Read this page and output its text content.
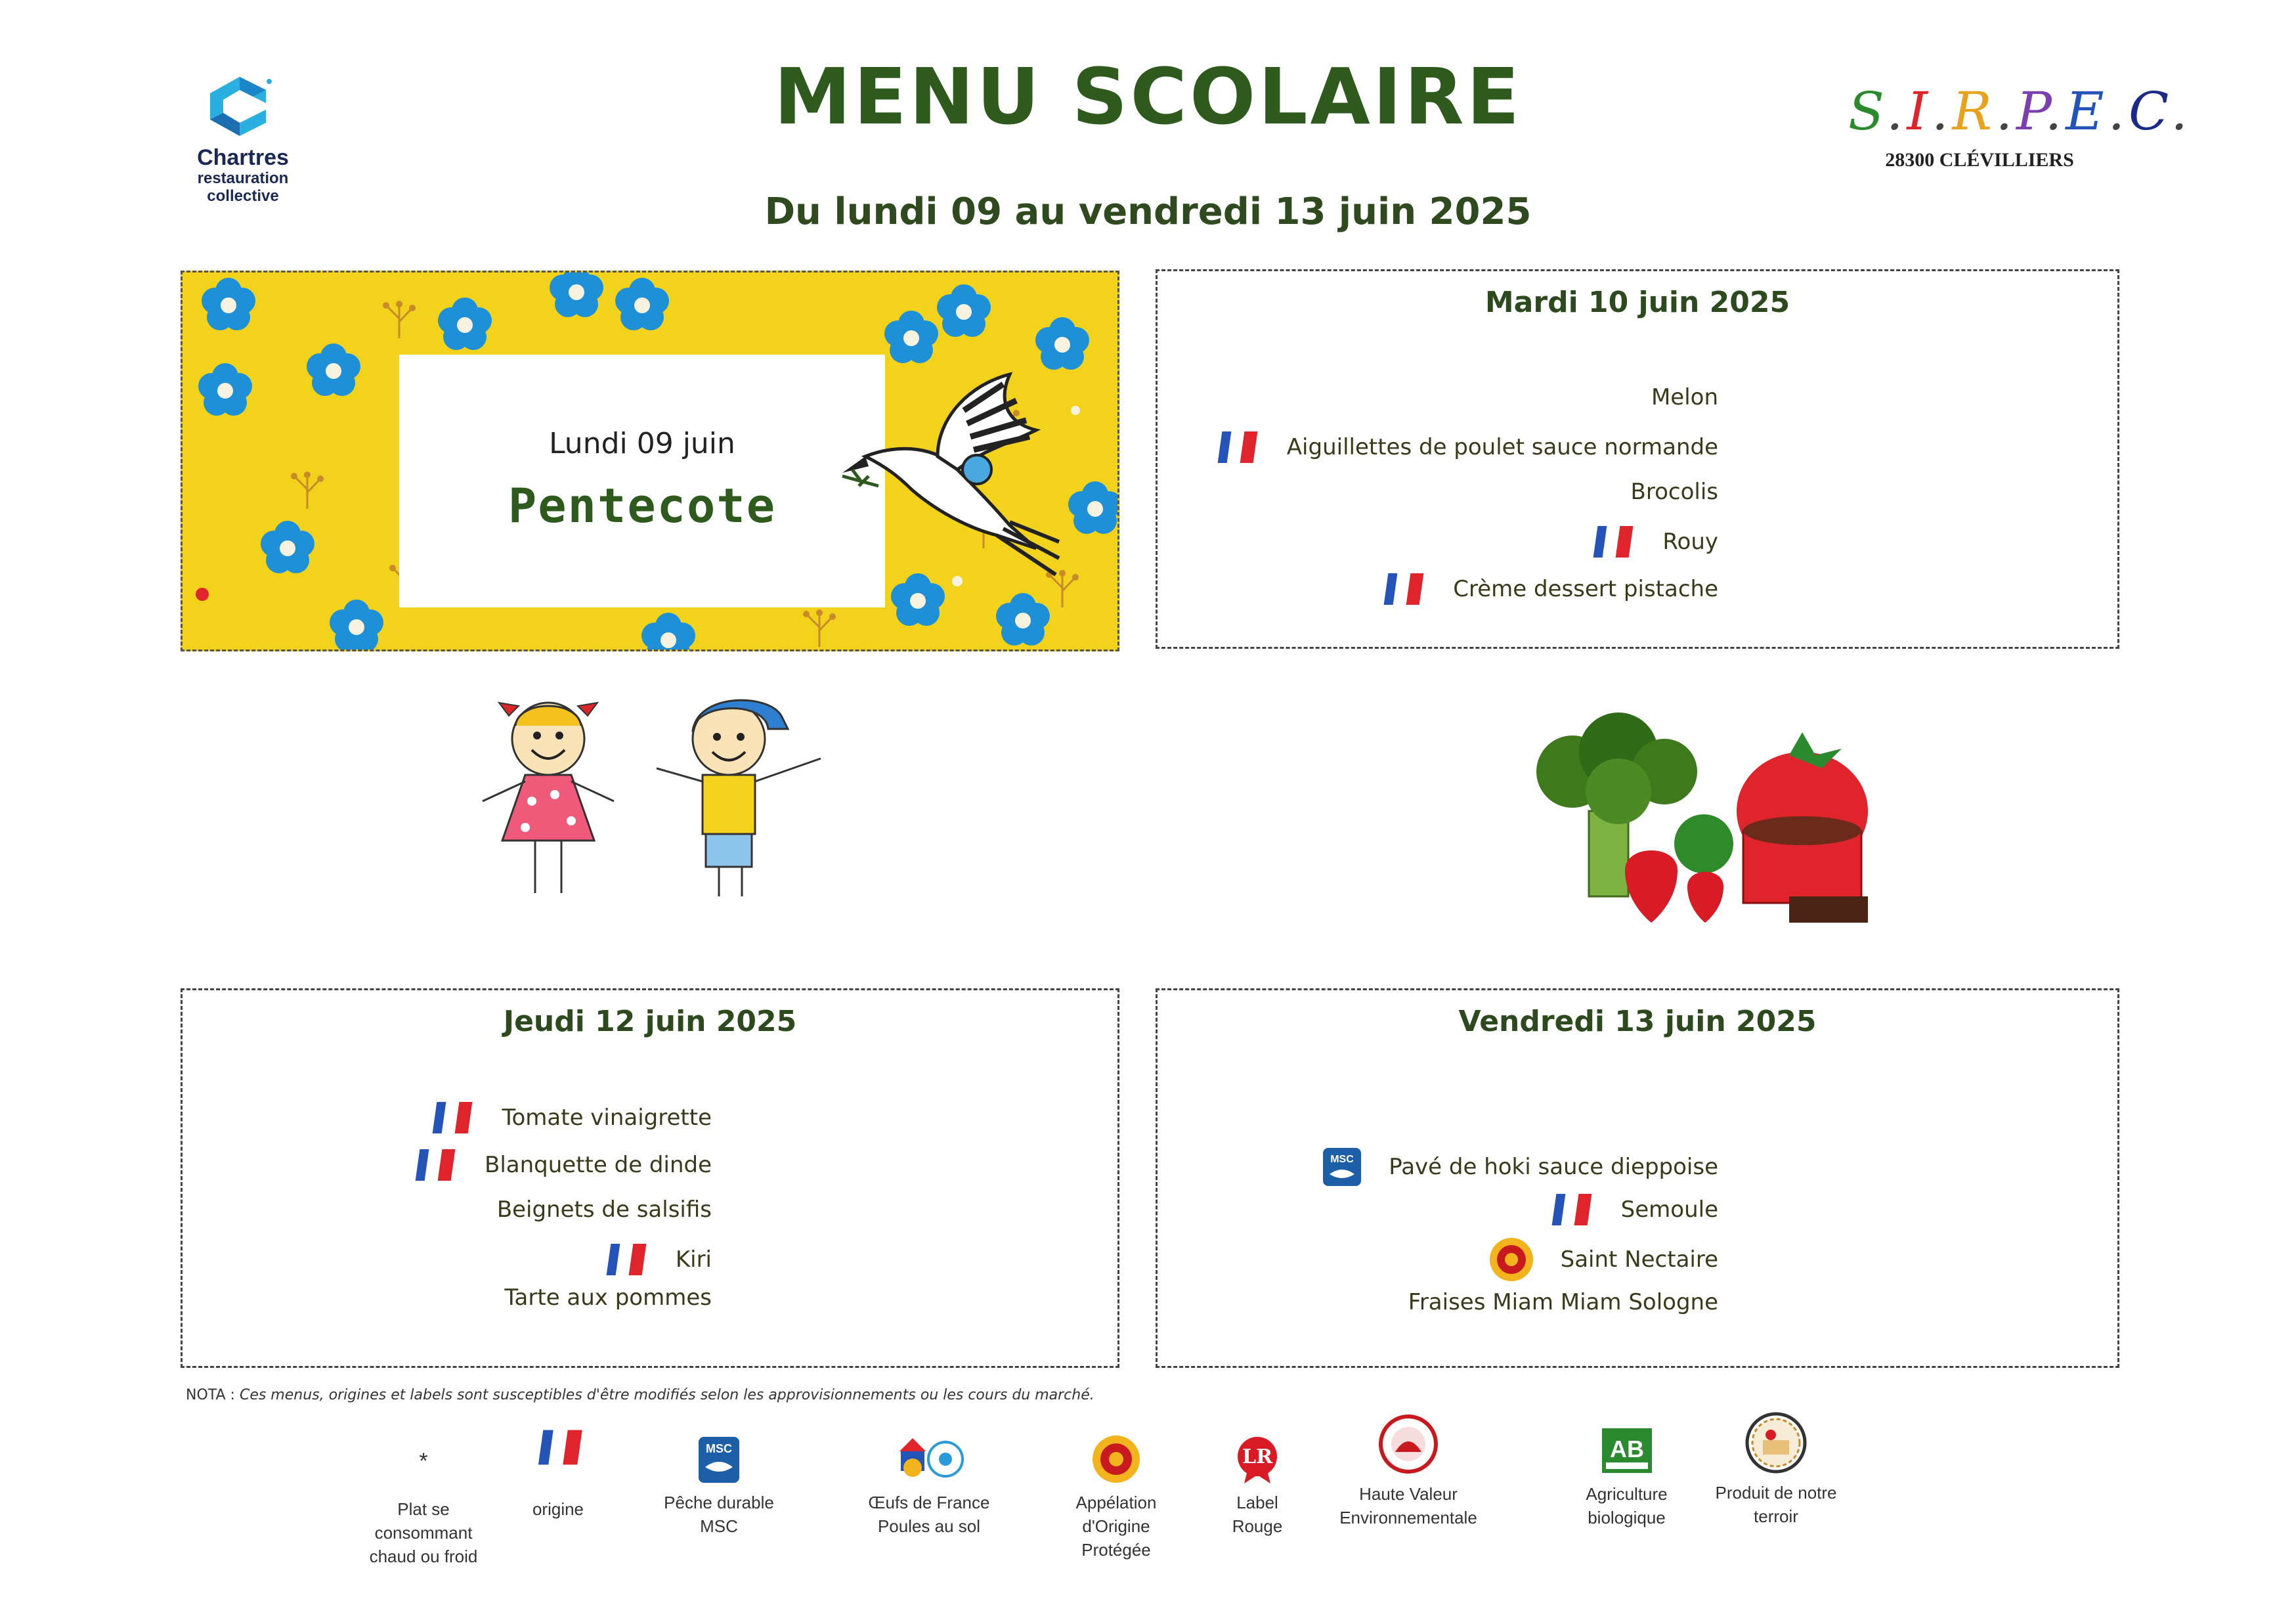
Chartres
restauration
collective
MENU SCOLAIRE
Du lundi 09 au vendredi 13 juin 2025
S.I.R.P.E.C.
28300 CLÉVILLIERS
Lundi 09 juin
Pentecote
Mardi 10 juin 2025
Melon
Aiguillettes de poulet sauce normande
Brocolis
Rouy
Crème dessert pistache
Jeudi 12 juin 2025
Tomate vinaigrette
Blanquette de dinde
Beignets de salsifis
Kiri
Tarte aux pommes
Vendredi 13 juin 2025
MSC Pavé de hoki sauce dieppoise
Semoule
Saint Nectaire
Fraises Miam Miam Sologne
NOTA : Ces menus, origines et labels sont susceptibles d'être modifiés selon les approvisionnements ou les cours du marché.
*
Plat se consommant chaud ou froid
origine
MSC
Pêche durable MSC
Œufs de France Poules au sol
Appélation d'Origine Protégée
LR
Label Rouge
Haute Valeur Environnementale
AB
Agriculture biologique
Produit de notre terroir
